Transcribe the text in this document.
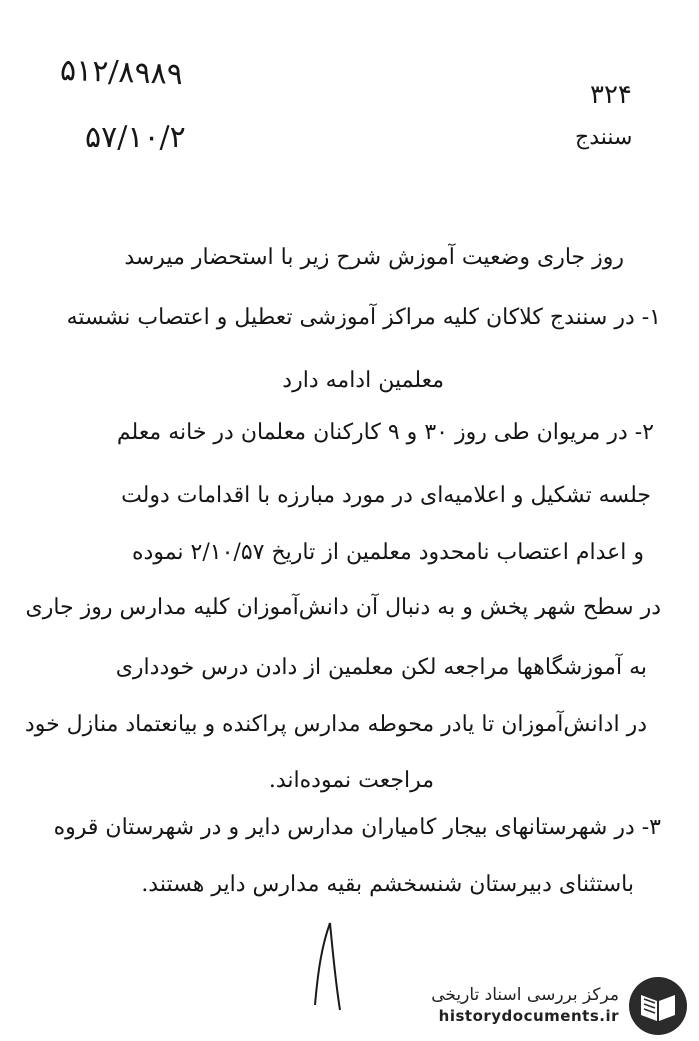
۵۱۲/۸۹۸۹
۵۷/۱۰/۲
۳۲۴
سنندج
روز جاری وضعیت آموزش شرح زیر با استحضار میرسد
۱- در سنندج کلاکان کلیه مراکز آموزشی تعطیل و اعتصاب نشسته
معلمین ادامه دارد
۲- در مریوان طی روز ۳۰ و ۹ کارکنان معلمان در خانه معلم
جلسه تشکیل و اعلامیه‌ای در مورد مبارزه با اقدامات دولت
و اعدام اعتصاب نامحدود معلمین از تاریخ ۲/۱۰/۵۷ نموده
در سطح شهر پخش و به دنبال آن دانش‌آموزان کلیه مدارس روز جاری
به آموزشگاهها مراجعه لکن معلمین از دادن درس خودداری
در ادانش‌آموزان تا یادر محوطه مدارس پراکنده و بیانعتماد منازل خود
مراجعت نموده‌اند.
۳- در شهرستانهای بیجار کامیاران مدارس دایر و در شهرستان قروه
باستثنای دبیرستان شنسخشم بقیه مدارس دایر هستند.
مرکز بررسی اسناد تاریخی
historydocuments.ir
